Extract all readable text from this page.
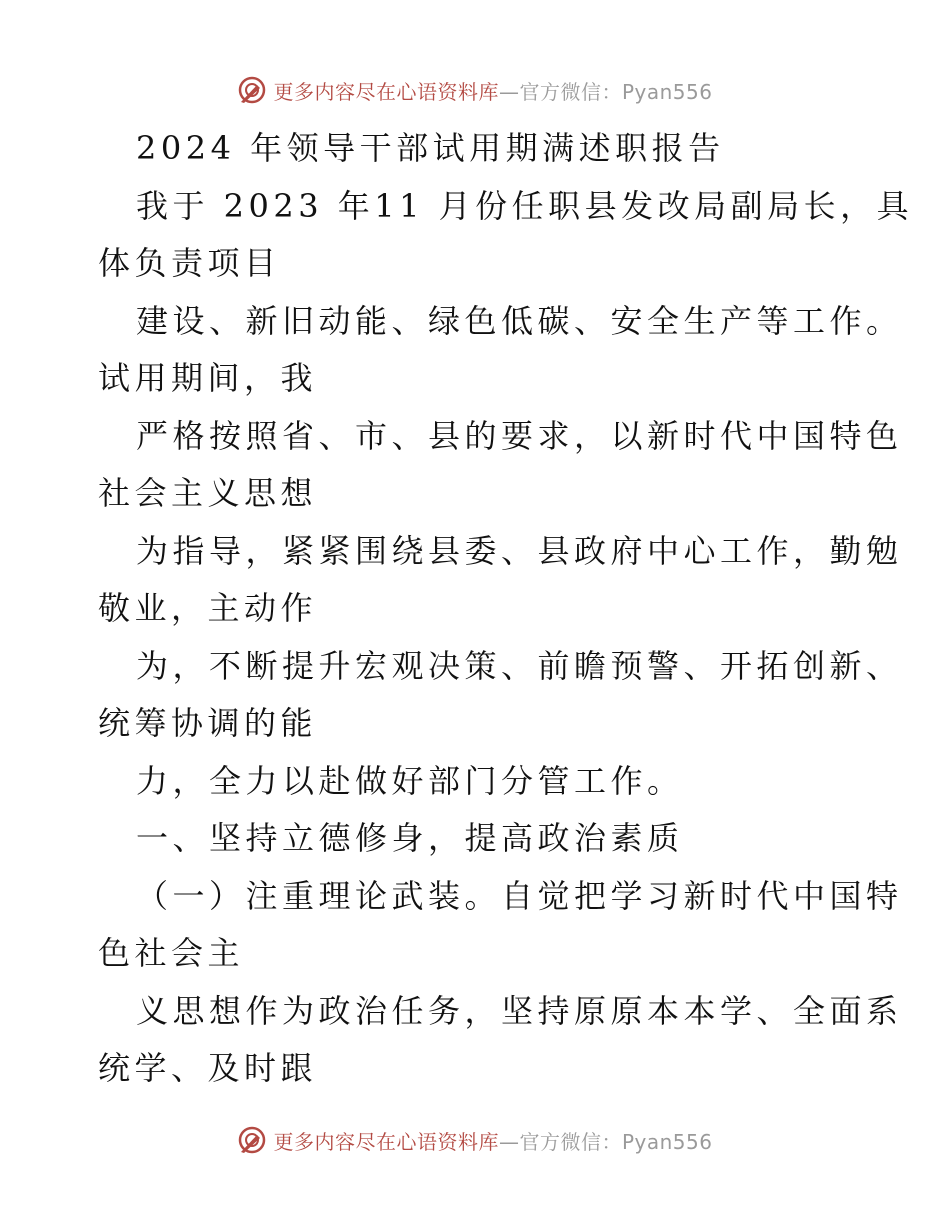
更多内容尽在心语资料库—官方微信：Pyan556
2024 年领导干部试用期满述职报告
我于 2023 年11 月份任职县发改局副局长，具
体负责项目
建设、新旧动能、绿色低碳、安全生产等工作。
试用期间，我
严格按照省、市、县的要求，以新时代中国特色
社会主义思想
为指导，紧紧围绕县委、县政府中心工作，勤勉
敬业，主动作
为，不断提升宏观决策、前瞻预警、开拓创新、
统筹协调的能
力，全力以赴做好部门分管工作。
一、坚持立德修身，提高政治素质
（一）注重理论武装。自觉把学习新时代中国特
色社会主
义思想作为政治任务，坚持原原本本学、全面系
统学、及时跟
更多内容尽在心语资料库—官方微信：Pyan556
